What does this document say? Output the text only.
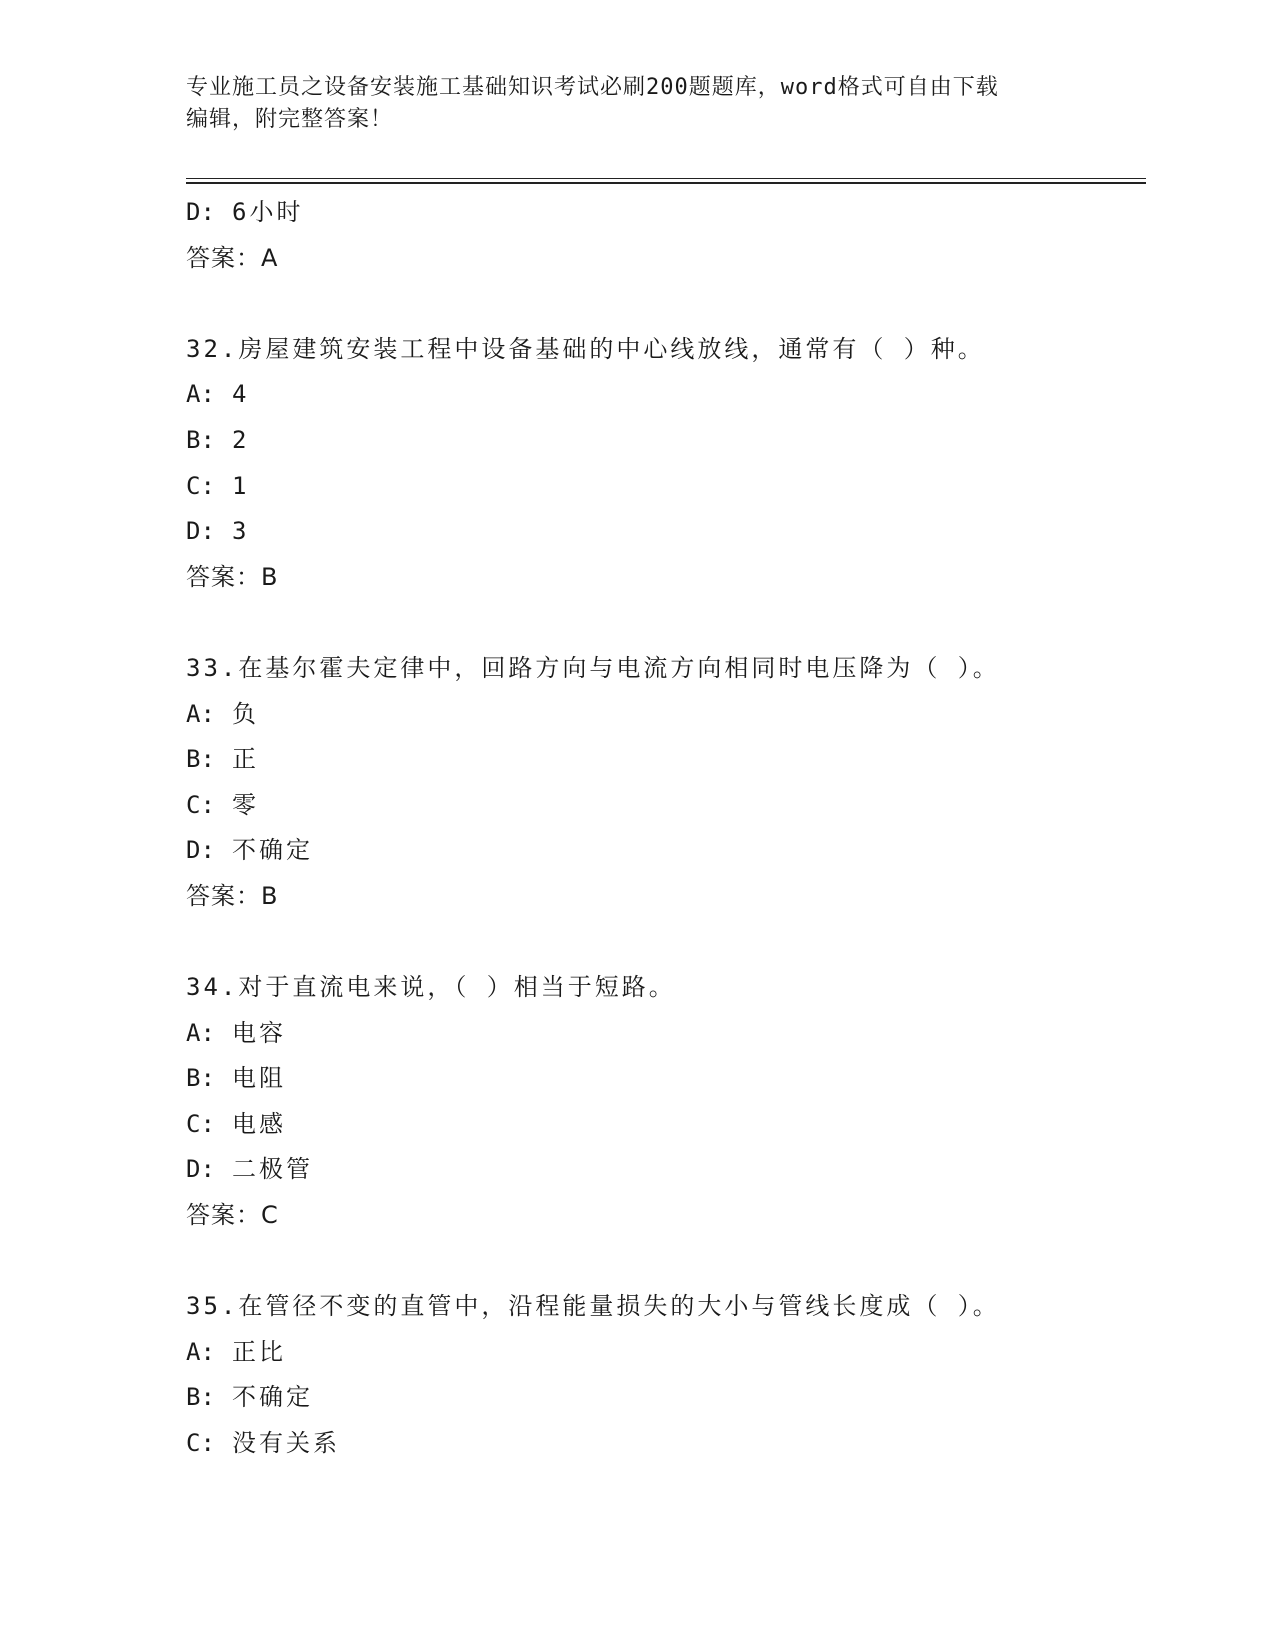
专业施工员之设备安装施工基础知识考试必刷200题题库，word格式可自由下载
编辑，附完整答案！
D: 6小时
答案：A
32.房屋建筑安装工程中设备基础的中心线放线，通常有（ ）种。
A: 4
B: 2
C: 1
D: 3
答案：B
33.在基尔霍夫定律中，回路方向与电流方向相同时电压降为（ ）。
A: 负
B: 正
C: 零
D: 不确定
答案：B
34.对于直流电来说，（ ）相当于短路。
A: 电容
B: 电阻
C: 电感
D: 二极管
答案：C
35.在管径不变的直管中，沿程能量损失的大小与管线长度成（ ）。
A: 正比
B: 不确定
C: 没有关系
